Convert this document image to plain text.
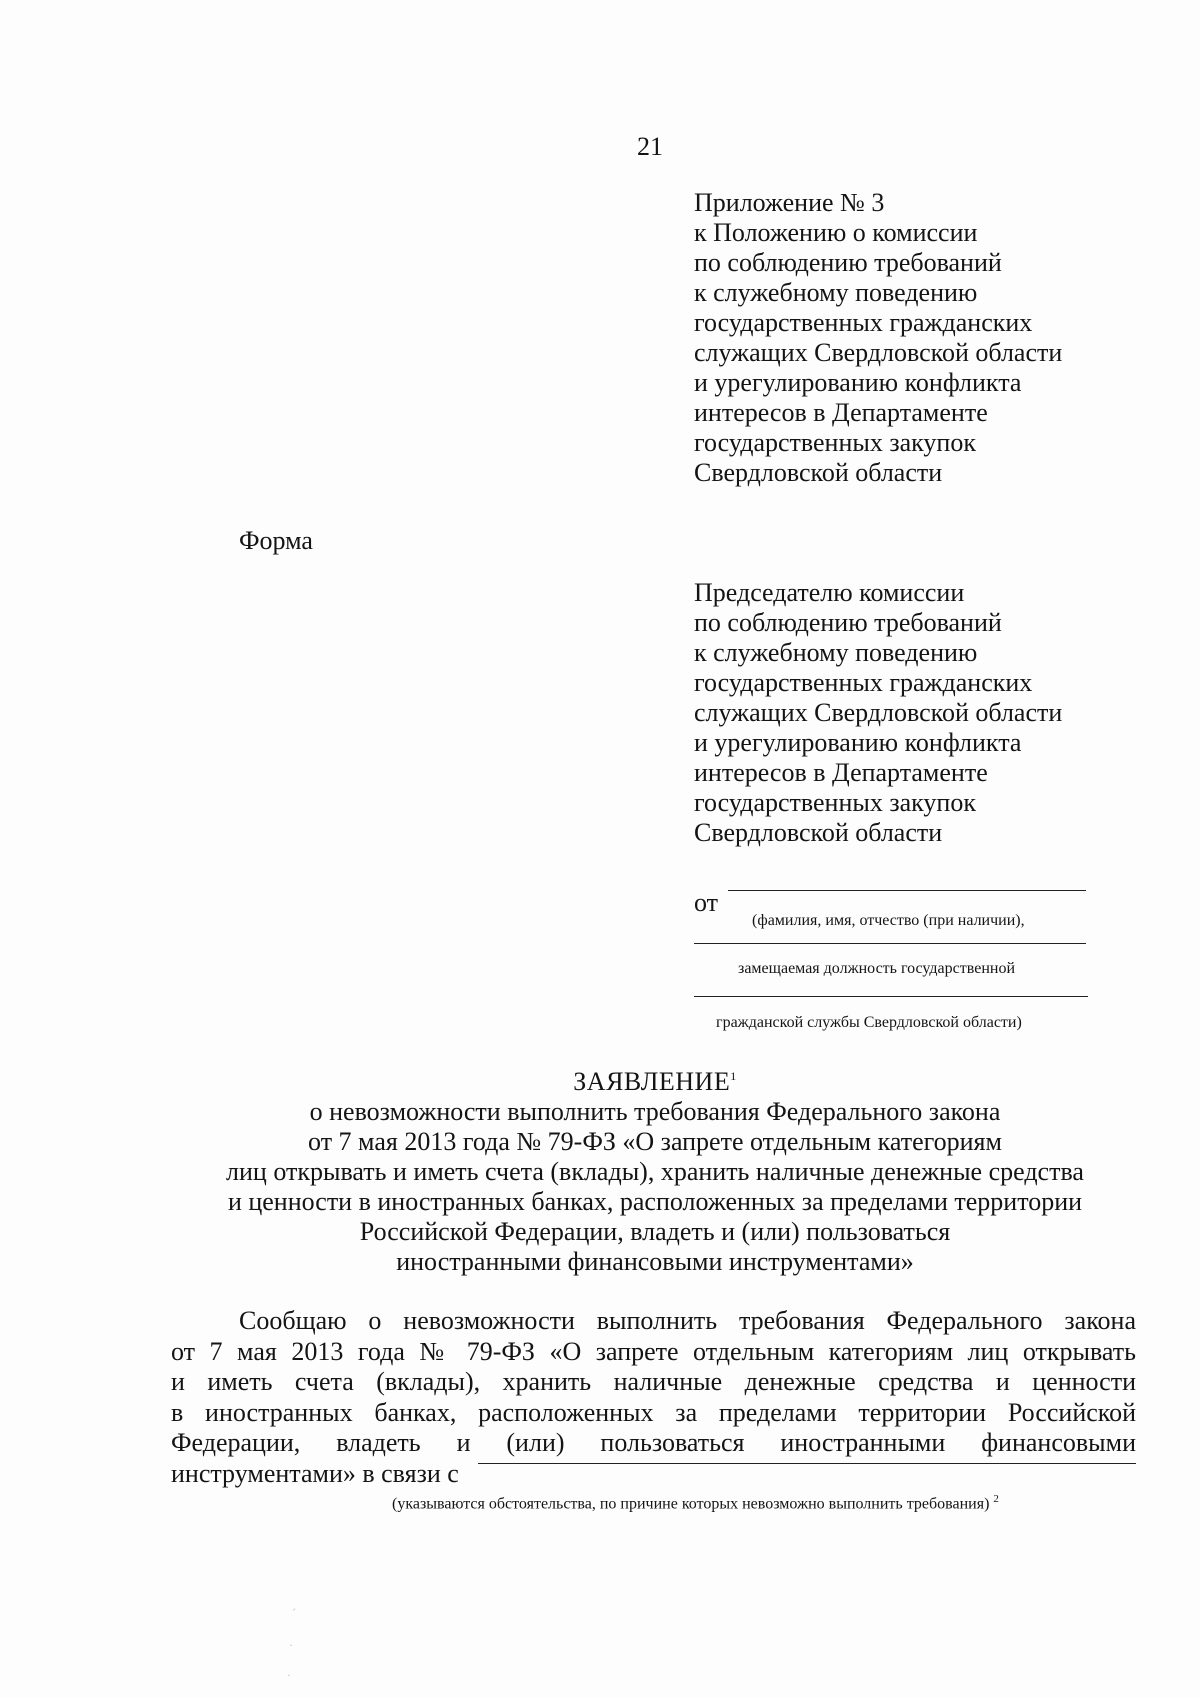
21
Приложение № 3
к Положению о комиссии
по соблюдению требований
к служебному поведению
государственных гражданских
служащих Свердловской области
и урегулированию конфликта
интересов в Департаменте
государственных закупок
Свердловской области
Форма
Председателю комиссии
по соблюдению требований
к служебному поведению
государственных гражданских
служащих Свердловской области
и урегулированию конфликта
интересов в Департаменте
государственных закупок
Свердловской области
от
(фамилия, имя, отчество (при наличии),
замещаемая должность государственной
гражданской службы Свердловской области)
ЗАЯВЛЕНИЕ$^1$
о невозможности выполнить требования Федерального закона
от 7 мая 2013 года № 79-ФЗ «О запрете отдельным категориям
лиц открывать и иметь счета (вклады), хранить наличные денежные средства
и ценности в иностранных банках, расположенных за пределами территории
Российской Федерации, владеть и (или) пользоваться
иностранными финансовыми инструментами»
Сообщаю о невозможности выполнить требования Федерального закона
от 7 мая 2013 года № 79-ФЗ «О запрете отдельным категориям лиц открывать
и иметь счета (вклады), хранить наличные денежные средства и ценности
в иностранных банках, расположенных за пределами территории Российской
Федерации, владеть и (или) пользоваться иностранными финансовыми
инструментами» в связи с
(указываются обстоятельства, по причине которых невозможно выполнить требования) $^2$
´
·
·
